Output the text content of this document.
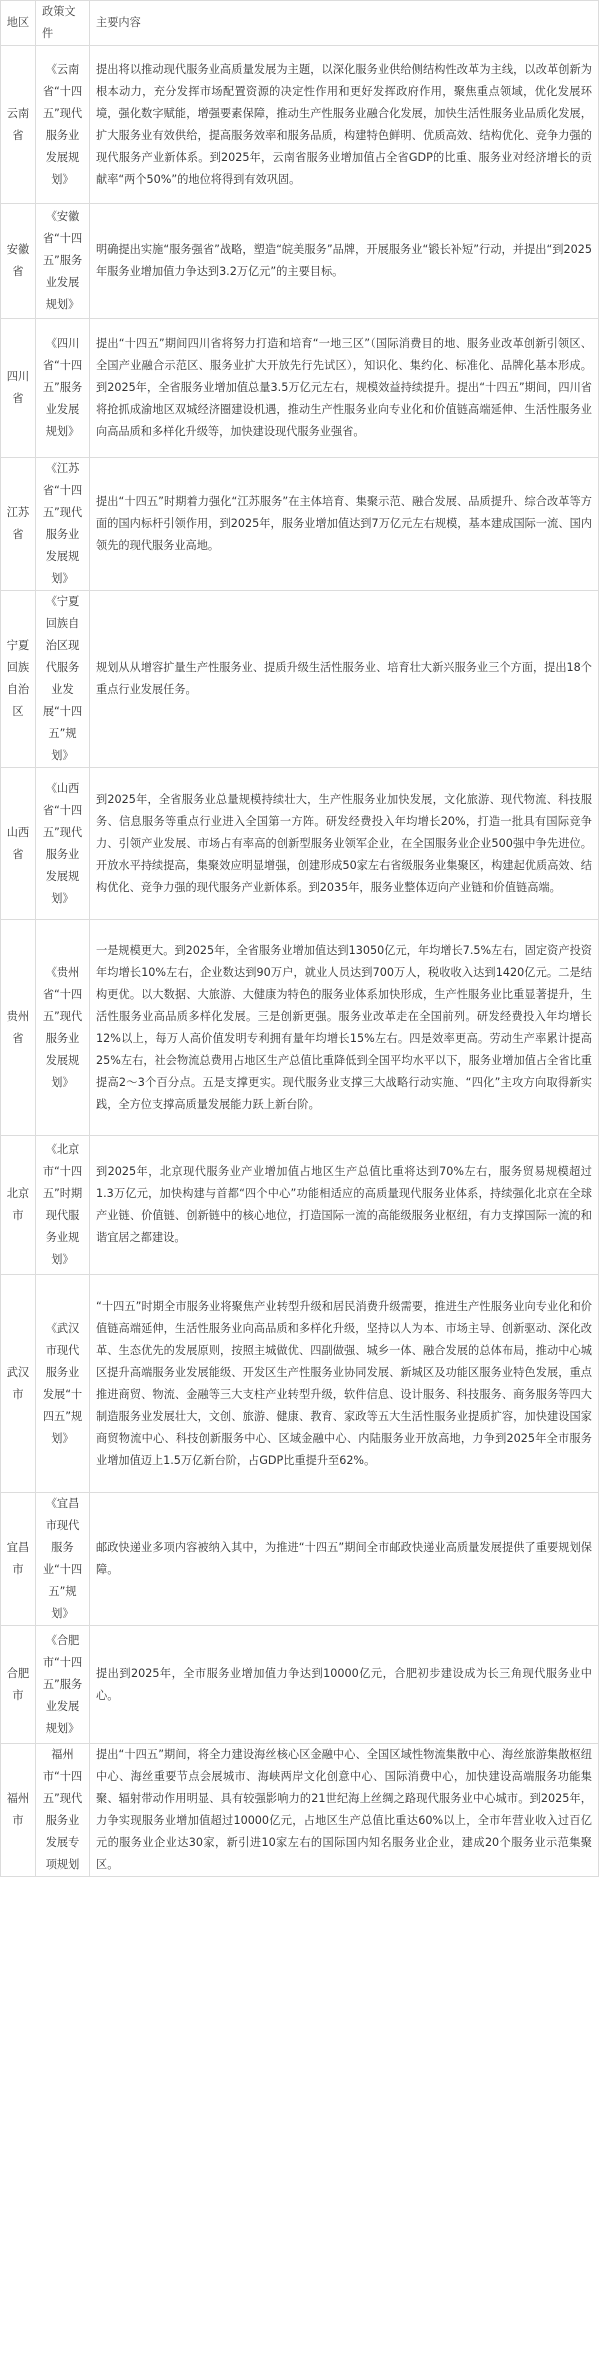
地区	政策文件	主要内容
云南省	《云南省“十四五”现代服务业发展规划》	提出将以推动现代服务业高质量发展为主题，以深化服务业供给侧结构性改革为主线，以改革创新为根本动力，充分发挥市场配置资源的决定性作用和更好发挥政府作用，聚焦重点领域，优化发展环境，强化数字赋能，增强要素保障，推动生产性服务业融合化发展，加快生活性服务业品质化发展，扩大服务业有效供给，提高服务效率和服务品质，构建特色鲜明、优质高效、结构优化、竞争力强的现代服务产业新体系。到2025年，云南省服务业增加值占全省GDP的比重、服务业对经济增长的贡献率“两个50%”的地位将得到有效巩固。
安徽省	《安徽省“十四五”服务业发展规划》	明确提出实施“服务强省”战略，塑造“皖美服务”品牌，开展服务业“锻长补短”行动，并提出“到2025年服务业增加值力争达到3.2万亿元”的主要目标。
四川省	《四川省“十四五”服务业发展规划》	提出“十四五”期间四川省将努力打造和培育“一地三区”（国际消费目的地、服务业改革创新引领区、全国产业融合示范区、服务业扩大开放先行先试区），知识化、集约化、标准化、品牌化基本形成。到2025年，全省服务业增加值总量3.5万亿元左右，规模效益持续提升。提出“十四五”期间，四川省将抢抓成渝地区双城经济圈建设机遇，推动生产性服务业向专业化和价值链高端延伸、生活性服务业向高品质和多样化升级等，加快建设现代服务业强省。
江苏省	《江苏省“十四五”现代服务业发展规划》	提出“十四五”时期着力强化“江苏服务”在主体培育、集聚示范、融合发展、品质提升、综合改革等方面的国内标杆引领作用，到2025年，服务业增加值达到7万亿元左右规模，基本建成国际一流、国内领先的现代服务业高地。
宁夏回族自治区	《宁夏回族自治区现代服务业发展“十四五”规划》	规划从从增容扩量生产性服务业、提质升级生活性服务业、培育壮大新兴服务业三个方面，提出18个重点行业发展任务。
山西省	《山西省“十四五”现代服务业发展规划》	到2025年，全省服务业总量规模持续壮大，生产性服务业加快发展，文化旅游、现代物流、科技服务、信息服务等重点行业进入全国第一方阵。研发经费投入年均增长20%，打造一批具有国际竞争力、引领产业发展、市场占有率高的创新型服务业领军企业，在全国服务业企业500强中争先进位。开放水平持续提高，集聚效应明显增强，创建形成50家左右省级服务业集聚区，构建起优质高效、结构优化、竞争力强的现代服务产业新体系。到2035年，服务业整体迈向产业链和价值链高端。
贵州省	《贵州省“十四五”现代服务业发展规划》	一是规模更大。到2025年，全省服务业增加值达到13050亿元，年均增长7.5%左右，固定资产投资年均增长10%左右，企业数达到90万户，就业人员达到700万人，税收收入达到1420亿元。二是结构更优。以大数据、大旅游、大健康为特色的服务业体系加快形成，生产性服务业比重显著提升，生活性服务业高品质多样化发展。三是创新更强。服务业改革走在全国前列。研发经费投入年均增长12%以上，每万人高价值发明专利拥有量年均增长15%左右。四是效率更高。劳动生产率累计提高25%左右，社会物流总费用占地区生产总值比重降低到全国平均水平以下，服务业增加值占全省比重提高2～3个百分点。五是支撑更实。现代服务业支撑三大战略行动实施、“四化”主攻方向取得新实践，全方位支撑高质量发展能力跃上新台阶。
北京市	《北京市“十四五”时期现代服务业规划》	到2025年，北京现代服务业产业增加值占地区生产总值比重将达到70%左右，服务贸易规模超过1.3万亿元，加快构建与首都“四个中心”功能相适应的高质量现代服务业体系，持续强化北京在全球产业链、价值链、创新链中的核心地位，打造国际一流的高能级服务业枢纽，有力支撑国际一流的和谐宜居之都建设。
武汉市	《武汉市现代服务业发展“十四五”规划》	“十四五”时期全市服务业将聚焦产业转型升级和居民消费升级需要，推进生产性服务业向专业化和价值链高端延伸，生活性服务业向高品质和多样化升级，坚持以人为本、市场主导、创新驱动、深化改革、生态优先的发展原则，按照主城做优、四副做强、城乡一体、融合发展的总体布局，推动中心城区提升高端服务业发展能级、开发区生产性服务业协同发展、新城区及功能区服务业特色发展，重点推进商贸、物流、金融等三大支柱产业转型升级，软件信息、设计服务、科技服务、商务服务等四大制造服务业发展壮大，文创、旅游、健康、教育、家政等五大生活性服务业提质扩容，加快建设国家商贸物流中心、科技创新服务中心、区域金融中心、内陆服务业开放高地，力争到2025年全市服务业增加值迈上1.5万亿新台阶，占GDP比重提升至62%。
宜昌市	《宜昌市现代服务业“十四五”规划》	邮政快递业多项内容被纳入其中，为推进“十四五”期间全市邮政快递业高质量发展提供了重要规划保障。
合肥市	《合肥市“十四五”服务业发展规划》	提出到2025年，全市服务业增加值力争达到10000亿元，合肥初步建设成为长三角现代服务业中心。
福州市	福州市“十四五”现代服务业发展专项规划	提出“十四五”期间，将全力建设海丝核心区金融中心、全国区域性物流集散中心、海丝旅游集散枢纽中心、海丝重要节点会展城市、海峡两岸文化创意中心、国际消费中心，加快建设高端服务功能集聚、辐射带动作用明显、具有较强影响力的21世纪海上丝绸之路现代服务业中心城市。到2025年，力争实现服务业增加值超过10000亿元，占地区生产总值比重达60%以上，全市年营业收入过百亿元的服务业企业达30家，新引进10家左右的国际国内知名服务业企业，建成20个服务业示范集聚区。
